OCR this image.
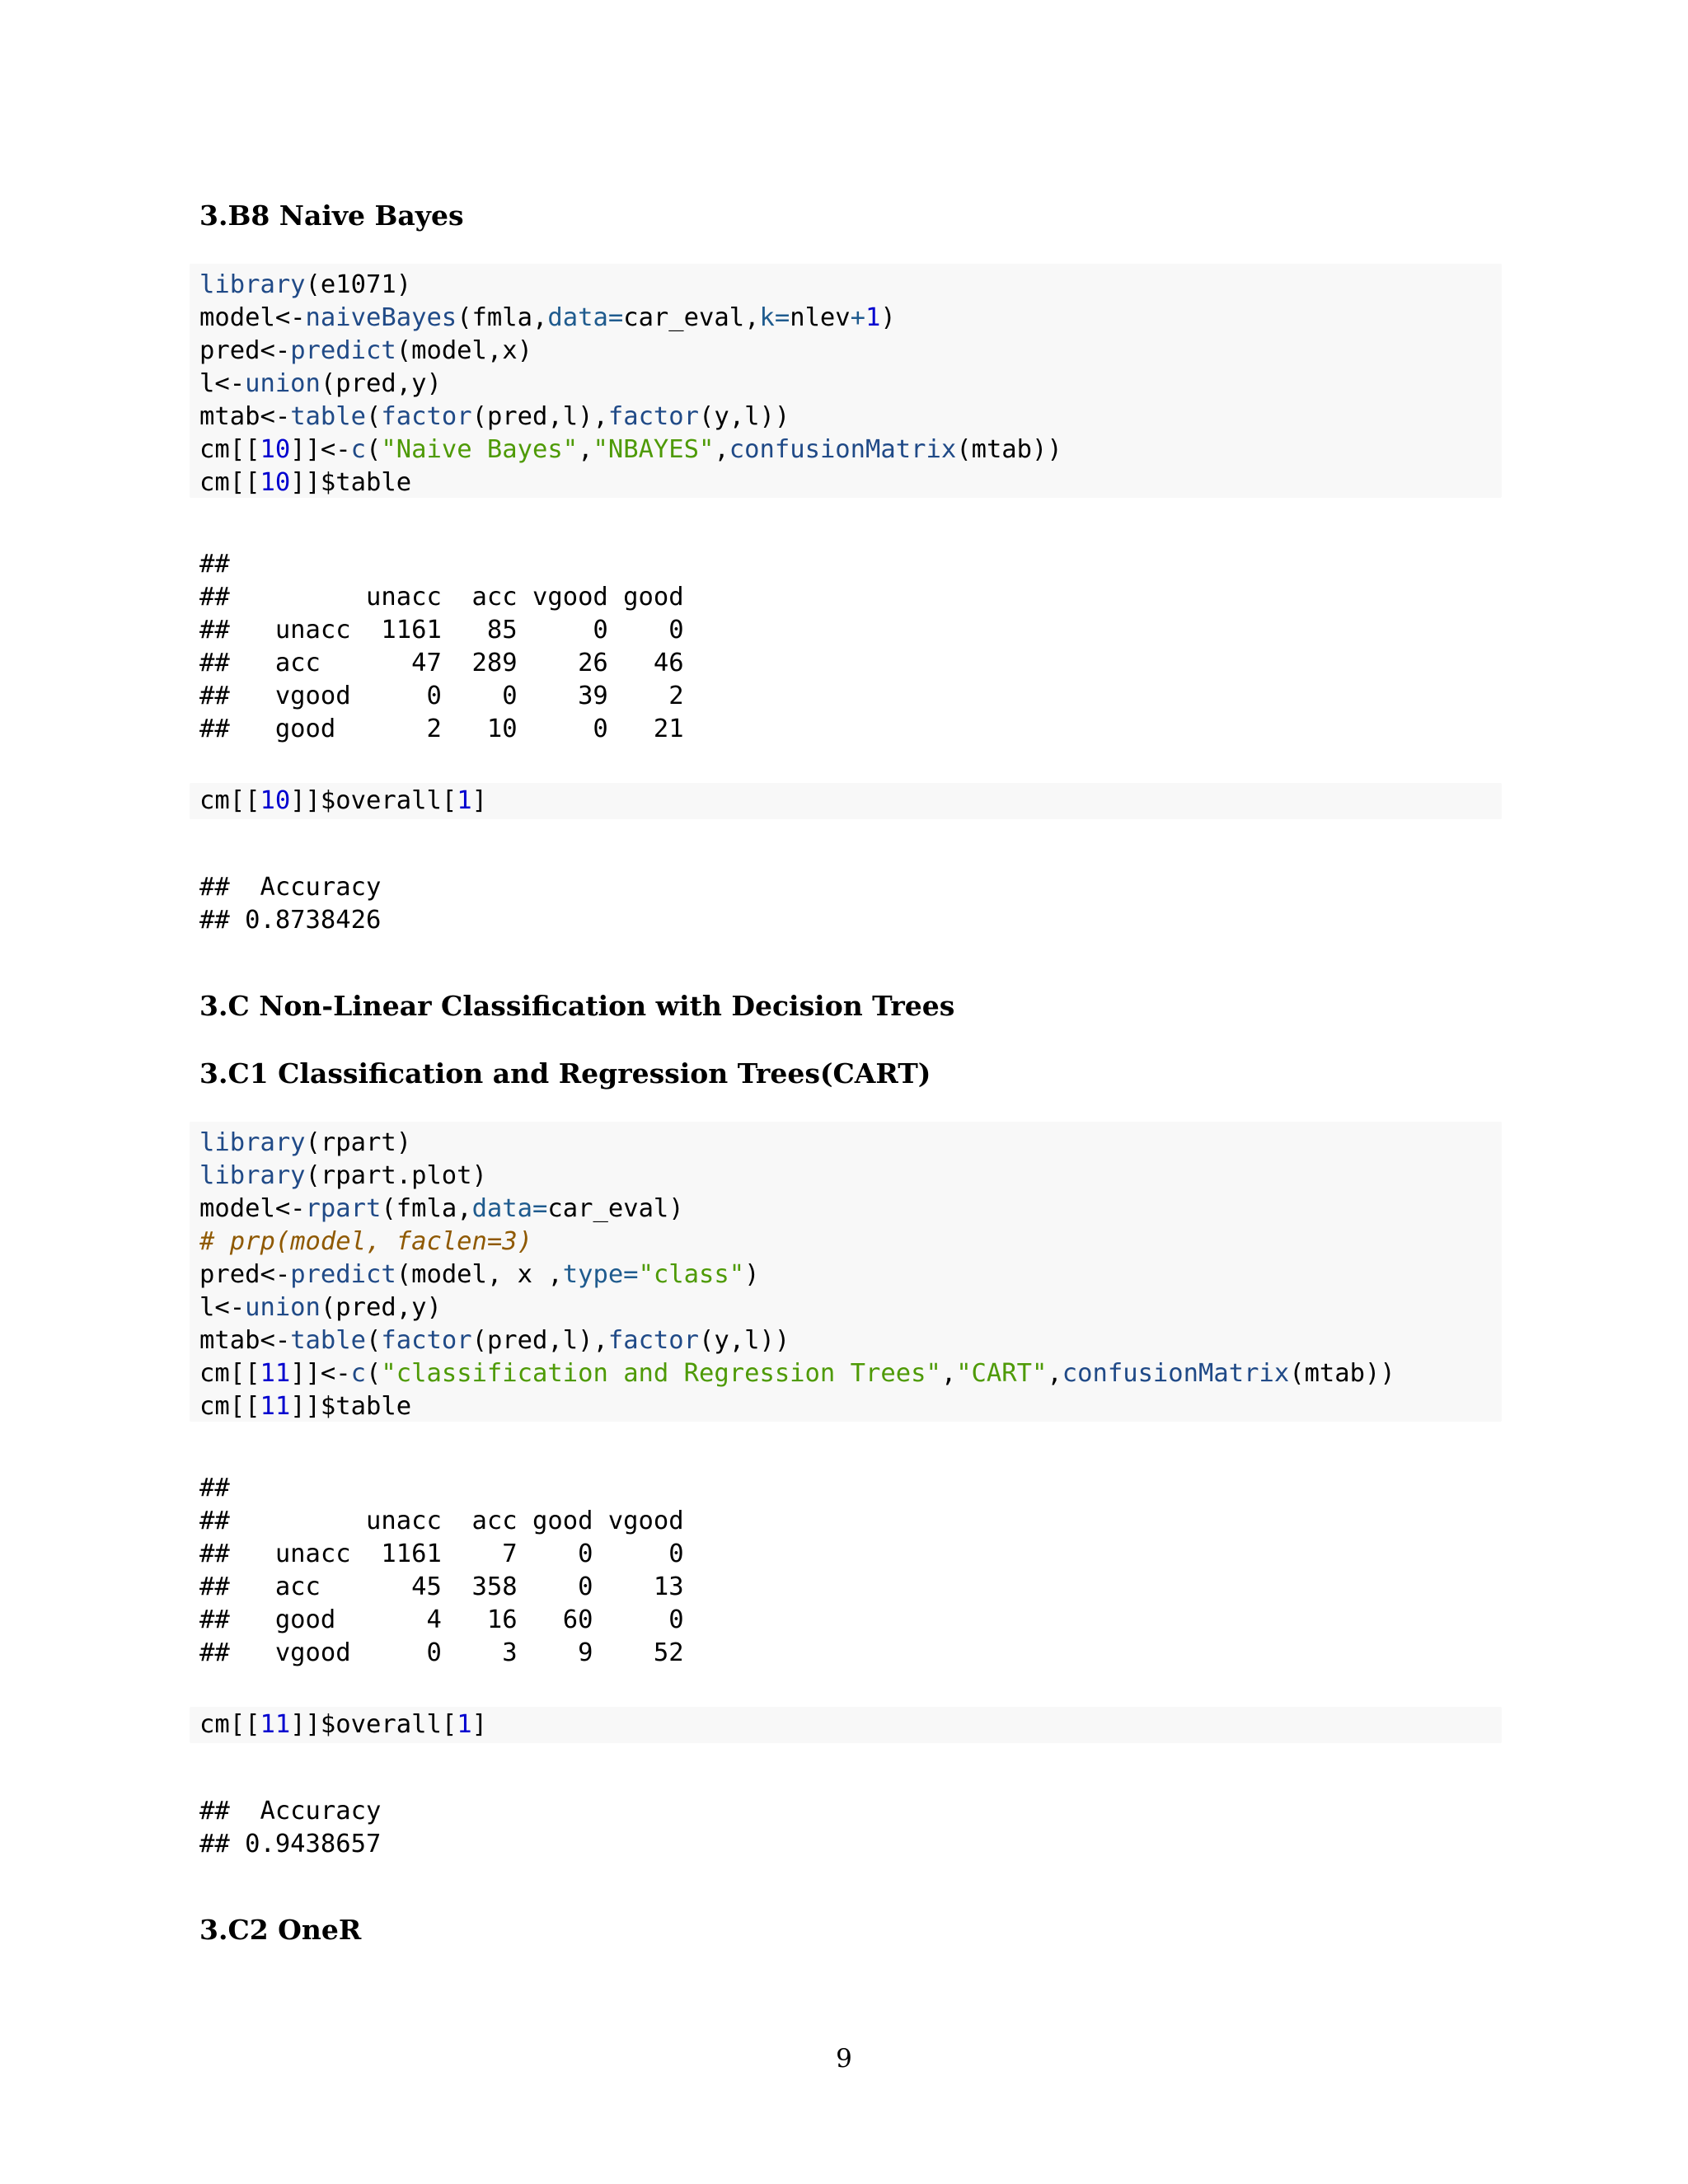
3.B8 Naive Bayes
library(e1071)
model<-naiveBayes(fmla,data=car_eval,k=nlev+1)
pred<-predict(model,x)
l<-union(pred,y)
mtab<-table(factor(pred,l),factor(y,l))
cm[[10]]<-c("Naive Bayes","NBAYES",confusionMatrix(mtab))
cm[[10]]$table
##
##         unacc  acc vgood good
##   unacc  1161   85     0    0
##   acc      47  289    26   46
##   vgood     0    0    39    2
##   good      2   10     0   21
cm[[10]]$overall[1]
##  Accuracy
## 0.8738426
3.C Non-Linear Classification with Decision Trees
3.C1 Classification and Regression Trees(CART)
library(rpart)
library(rpart.plot)
model<-rpart(fmla,data=car_eval)
# prp(model, faclen=3)
pred<-predict(model, x ,type="class")
l<-union(pred,y)
mtab<-table(factor(pred,l),factor(y,l))
cm[[11]]<-c("classification and Regression Trees","CART",confusionMatrix(mtab))
cm[[11]]$table
##
##         unacc  acc good vgood
##   unacc  1161    7    0     0
##   acc      45  358    0    13
##   good      4   16   60     0
##   vgood     0    3    9    52
cm[[11]]$overall[1]
##  Accuracy
## 0.9438657
3.C2 OneR
9
